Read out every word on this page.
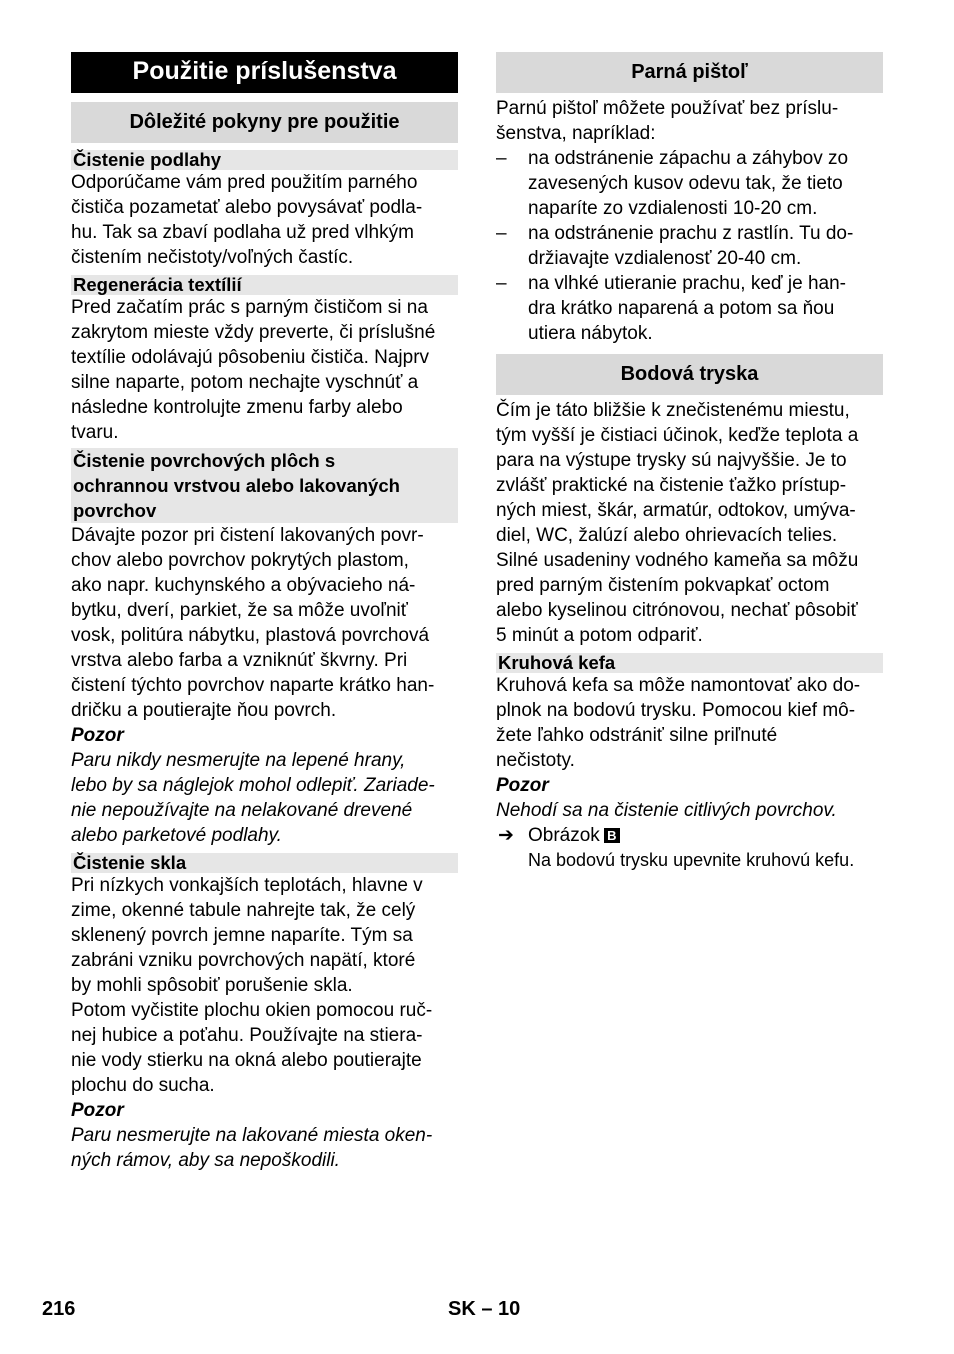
Použitie príslušenstva
Dôležité pokyny pre použitie
Čistenie podlahy
Odporúčame vám pred použitím parného
čističa pozametať alebo povysávať podla-
hu. Tak sa zbaví podlaha už pred vlhkým
čistením nečistoty/voľných častíc.
Regenerácia textílií
Pred začatím prác s parným čističom si na
zakrytom mieste vždy preverte, či príslušné
textílie odolávajú pôsobeniu čističa. Najprv
silne naparte, potom nechajte vyschnúť a
následne kontrolujte zmenu farby alebo
tvaru.
Čistenie povrchových plôch s
ochrannou vrstvou alebo lakovaných
povrchov
Dávajte pozor pri čistení lakovaných povr-
chov alebo povrchov pokrytých plastom,
ako napr. kuchynského a obývacieho ná-
bytku, dverí, parkiet, že sa môže uvoľniť
vosk, politúra nábytku, plastová povrchová
vrstva alebo farba a vzniknúť škvrny. Pri
čistení týchto povrchov naparte krátko han-
dričku a poutierajte ňou povrch.
Pozor
Paru nikdy nesmerujte na lepené hrany,
lebo by sa náglejok mohol odlepiť. Zariade-
nie nepoužívajte na nelakované drevené
alebo parketové podlahy.
Čistenie skla
Pri nízkych vonkajších teplotách, hlavne v
zime, okenné tabule nahrejte tak, že celý
sklenený povrch jemne naparíte. Tým sa
zabráni vzniku povrchových napätí, ktoré
by mohli spôsobiť porušenie skla.
Potom vyčistite plochu okien pomocou ruč-
nej hubice a poťahu. Používajte na stiera-
nie vody stierku na okná alebo poutierajte
plochu do sucha.
Pozor
Paru nesmerujte na lakované miesta oken-
ných rámov, aby sa nepoškodili.
Parná pištoľ
Parnú pištoľ môžete používať bez príslu-
šenstva, napríklad:
– na odstránenie zápachu a záhybov zo
zavesených kusov odevu tak, že tieto
naparíte zo vzdialenosti 10-20 cm.
– na odstránenie prachu z rastlín. Tu do-
držiavajte vzdialenosť 20-40 cm.
– na vlhké utieranie prachu, keď je han-
dra krátko naparená a potom sa ňou
utiera nábytok.
Bodová tryska
Čím je táto bližšie k znečistenému miestu,
tým vyšší je čistiaci účinok, keďže teplota a
para na výstupe trysky sú najvyššie. Je to
zvlášť praktické na čistenie ťažko prístup-
ných miest, škár, armatúr, odtokov, umýva-
diel, WC, žalúzí alebo ohrievacích telies.
Silné usadeniny vodného kameňa sa môžu
pred parným čistením pokvapkať octom
alebo kyselinou citrónovou, nechať pôsobiť
5 minút a potom odpariť.
Kruhová kefa
Kruhová kefa sa môže namontovať ako do-
plnok na bodovú trysku. Pomocou kief mô-
žete ľahko odstrániť silne priľnuté
nečistoty.
Pozor
Nehodí sa na čistenie citlivých povrchov.
➔ Obrázok B
Na bodovú trysku upevnite kruhovú kefu.
216	SK – 10
